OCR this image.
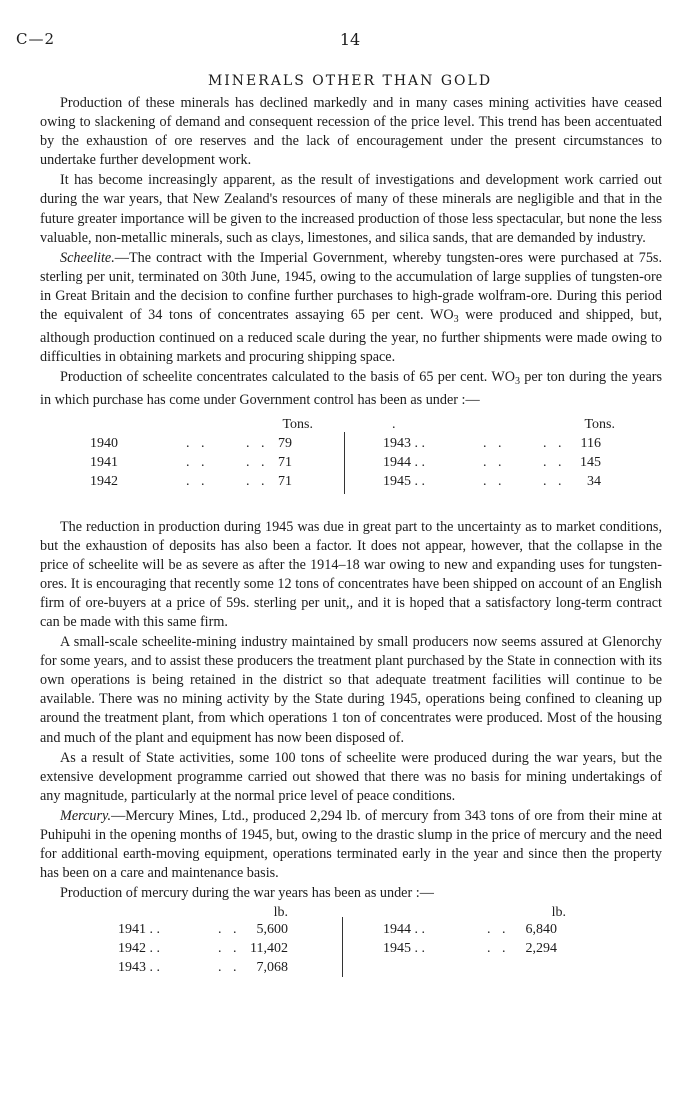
C—2	14
MINERALS OTHER THAN GOLD

Production of these minerals has declined markedly and in many cases mining activities have ceased owing to slackening of demand and consequent recession of the price level. This trend has been accentuated by the exhaustion of ore reserves and the lack of encouragement under the present circumstances to undertake further development work.

It has become increasingly apparent, as the result of investigations and development work carried out during the war years, that New Zealand's resources of many of these minerals are negligible and that in the future greater importance will be given to the increased production of those less spectacular, but none the less valuable, non-metallic minerals, such as clays, limestones, and silica sands, that are demanded by industry.

Scheelite.—The contract with the Imperial Government, whereby tungsten-ores were purchased at 75s. sterling per unit, terminated on 30th June, 1945, owing to the accumulation of large supplies of tungsten-ore in Great Britain and the decision to confine further purchases to high-grade wolfram-ore. During this period the equivalent of 34 tons of concentrates assaying 65 per cent. $WO_3$ were produced and shipped, but, although production continued on a reduced scale during the year, no further shipments were made owing to difficulties in obtaining markets and procuring shipping space.

Production of scheelite concentrates calculated to the basis of 65 per cent. $WO_3$ per ton during the years in which purchase has come under Government control has been as under :—

Tons.	.	Tons.
1940	. .	. . 79
1941	. .	. . 71
1942	. .	. . 71
1943 . .	. .	. . 116
1944 . .	. .	. . 145
1945 . .	. .	. . 34

The reduction in production during 1945 was due in great part to the uncertainty as to market conditions, but the exhaustion of deposits has also been a factor. It does not appear, however, that the collapse in the price of scheelite will be as severe as after the 1914–18 war owing to new and expanding uses for tungsten-ores. It is encouraging that recently some 12 tons of concentrates have been shipped on account of an English firm of ore-buyers at a price of 59s. sterling per unit,, and it is hoped that a satisfactory long-term contract can be made with this same firm.

A small-scale scheelite-mining industry maintained by small producers now seems assured at Glenorchy for some years, and to assist these producers the treatment plant purchased by the State in connection with its own operations is being retained in the district so that adequate treatment facilities will continue to be available. There was no mining activity by the State during 1945, operations being confined to cleaning up around the treatment plant, from which operations 1 ton of concentrates were produced. Most of the housing and much of the plant and equipment has now been disposed of.

As a result of State activities, some 100 tons of scheelite were produced during the war years, but the extensive development programme carried out showed that there was no basis for mining undertakings of any magnitude, particularly at the normal price level of peace conditions.

Mercury.—Mercury Mines, Ltd., produced 2,294 lb. of mercury from 343 tons of ore from their mine at Puhipuhi in the opening months of 1945, but, owing to the drastic slump in the price of mercury and the need for additional earth-moving equipment, operations terminated early in the year and since then the property has been on a care and maintenance basis.

Production of mercury during the war years has been as under :—

lb.	lb.
1941 . .	. . 5,600
1942 . .	. . 11,402
1943 . .	. . 7,068
1944 . .	. . 6,840
1945 . .	. . 2,294
